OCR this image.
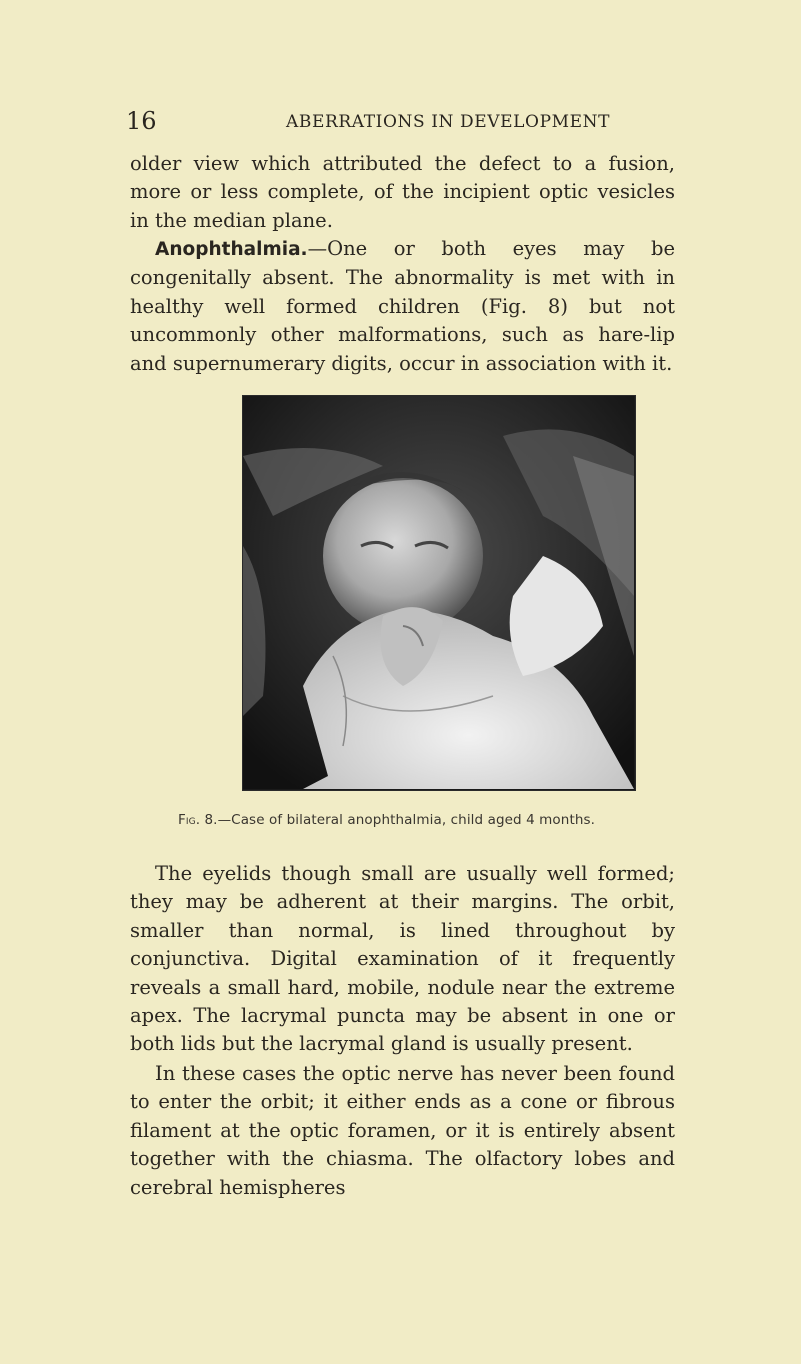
16	ABERRATIONS IN DEVELOPMENT

older view which attributed the defect to a fusion, more or less complete, of the incipient optic vesicles in the median plane.

Anophthalmia.—One or both eyes may be congenitally absent. The abnormality is met with in healthy well formed children (Fig. 8) but not uncommonly other malformations, such as hare-lip and supernumerary digits, occur in association with it.

Fig. 8.—Case of bilateral anophthalmia, child aged 4 months.

The eyelids though small are usually well formed; they may be adherent at their margins. The orbit, smaller than normal, is lined throughout by conjunctiva. Digital examination of it frequently reveals a small hard, mobile, nodule near the extreme apex. The lacrymal puncta may be absent in one or both lids but the lacrymal gland is usually present.

In these cases the optic nerve has never been found to enter the orbit; it either ends as a cone or fibrous filament at the optic foramen, or it is entirely absent together with the chiasma. The olfactory lobes and cerebral hemispheres
